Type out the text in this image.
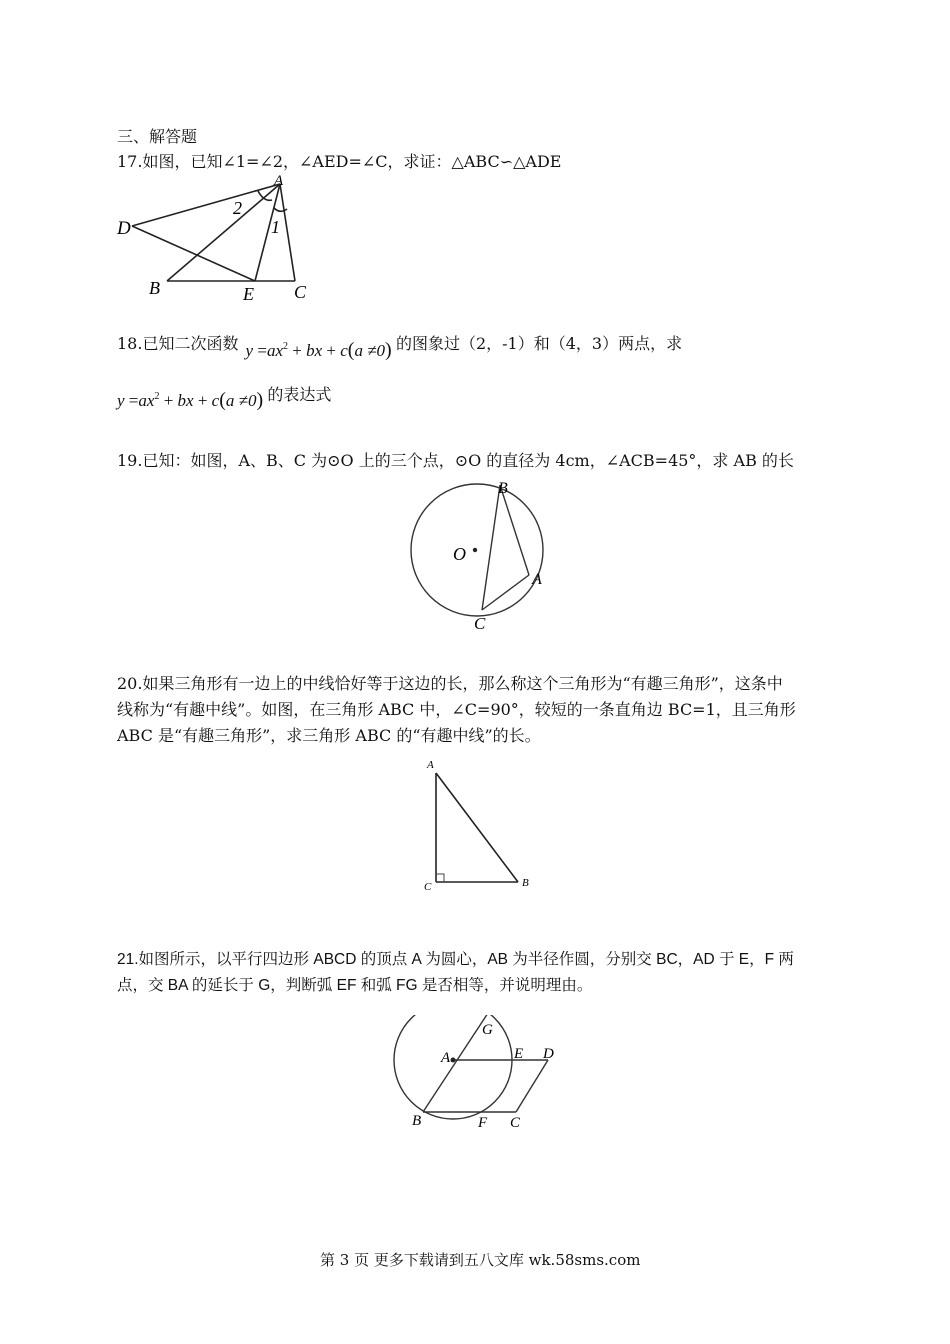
三、解答题
17.如图，已知∠1=∠2，∠AED=∠C，求证：△ABC∽△ADE
D
A
B	E C
2
1
18.已知二次函数 $y =ax^2$ + bx + c(a ≠0) 的图象过（2，-1）和（4，3）两点，求
$y =ax^2$ + bx + c(a ≠0) 的表达式
19.已知：如图，A、B、C 为⊙O 上的三个点，⊙O 的直径为 4cm，∠ACB=45°，求 AB 的长
O
B
A
C
20.如果三角形有一边上的中线恰好等于这边的长，那么称这个三角形为“有趣三角形”，这条中
线称为“有趣中线”。如图，在三角形 ABC 中，∠C=90°，较短的一条直角边 BC=1，且三角形
ABC 是“有趣三角形”，求三角形 ABC 的“有趣中线”的长。
A
C	B
21.如图所示，以平行四边形 ABCD 的顶点 A 为圆心，AB 为半径作圆，分别交 BC，AD 于 E，F 两
点，交 BA 的延长于 G，判断弧 EF 和弧 FG 是否相等，并说明理由。
G
A	E D
B	F C
第 3 页 更多下载请到五八文库 wk.58sms.com
